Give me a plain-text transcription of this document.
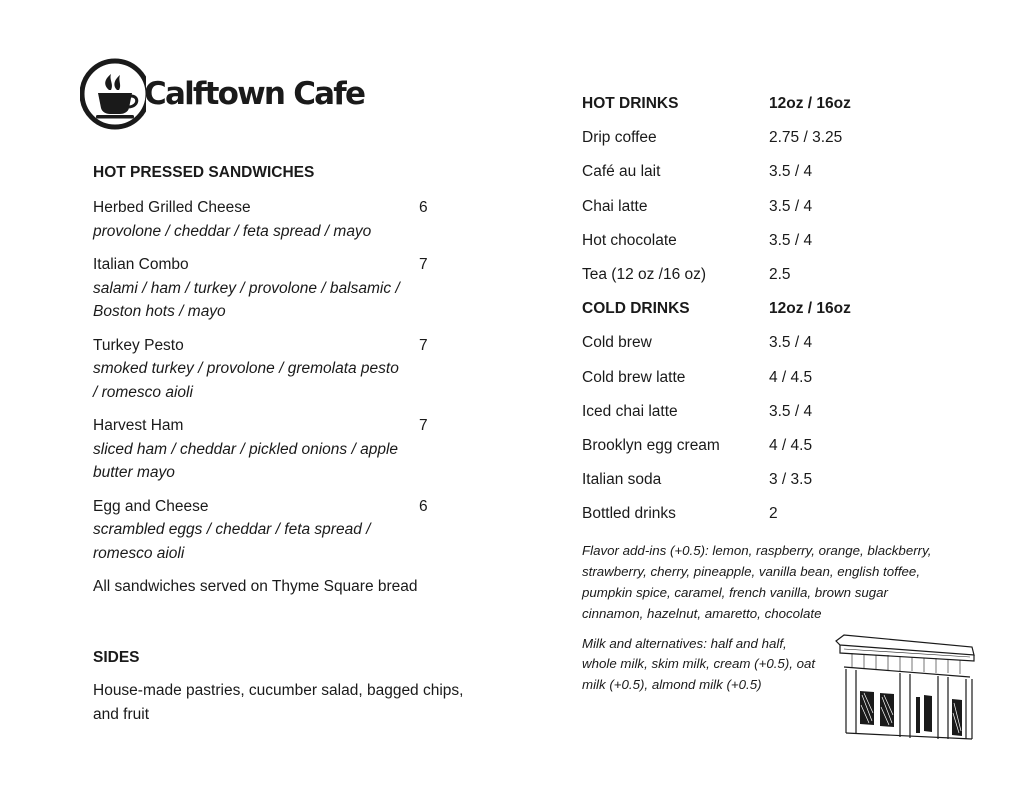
Calftown Cafe
HOT PRESSED SANDWICHES
Herbed Grilled Cheese	6
provolone / cheddar / feta spread / mayo
Italian Combo	7
salami / ham / turkey / provolone / balsamic / Boston hots / mayo
Turkey Pesto	7
smoked turkey / provolone / gremolata pesto / romesco aioli
Harvest Ham	7
sliced ham / cheddar / pickled onions / apple butter mayo
Egg and Cheese	6
scrambled eggs / cheddar / feta spread / romesco aioli
All sandwiches served on Thyme Square bread
SIDES
House-made pastries, cucumber salad, bagged chips, and fruit
HOT DRINKS	12oz / 16oz
Drip coffee	2.75 / 3.25
Café au lait	3.5 / 4
Chai latte	3.5 / 4
Hot chocolate	3.5 / 4
Tea (12 oz /16 oz)	2.5
COLD DRINKS	12oz / 16oz
Cold brew	3.5 / 4
Cold brew latte	4 / 4.5
Iced chai latte	3.5 / 4
Brooklyn egg cream	4 / 4.5
Italian soda	3 / 3.5
Bottled drinks	2
Flavor add-ins (+0.5): lemon, raspberry, orange, blackberry, strawberry, cherry, pineapple, vanilla bean, english toffee, pumpkin spice, caramel, french vanilla, brown sugar cinnamon, hazelnut, amaretto, chocolate
Milk and alternatives: half and half, whole milk, skim milk, cream (+0.5), oat milk (+0.5), almond milk (+0.5)
